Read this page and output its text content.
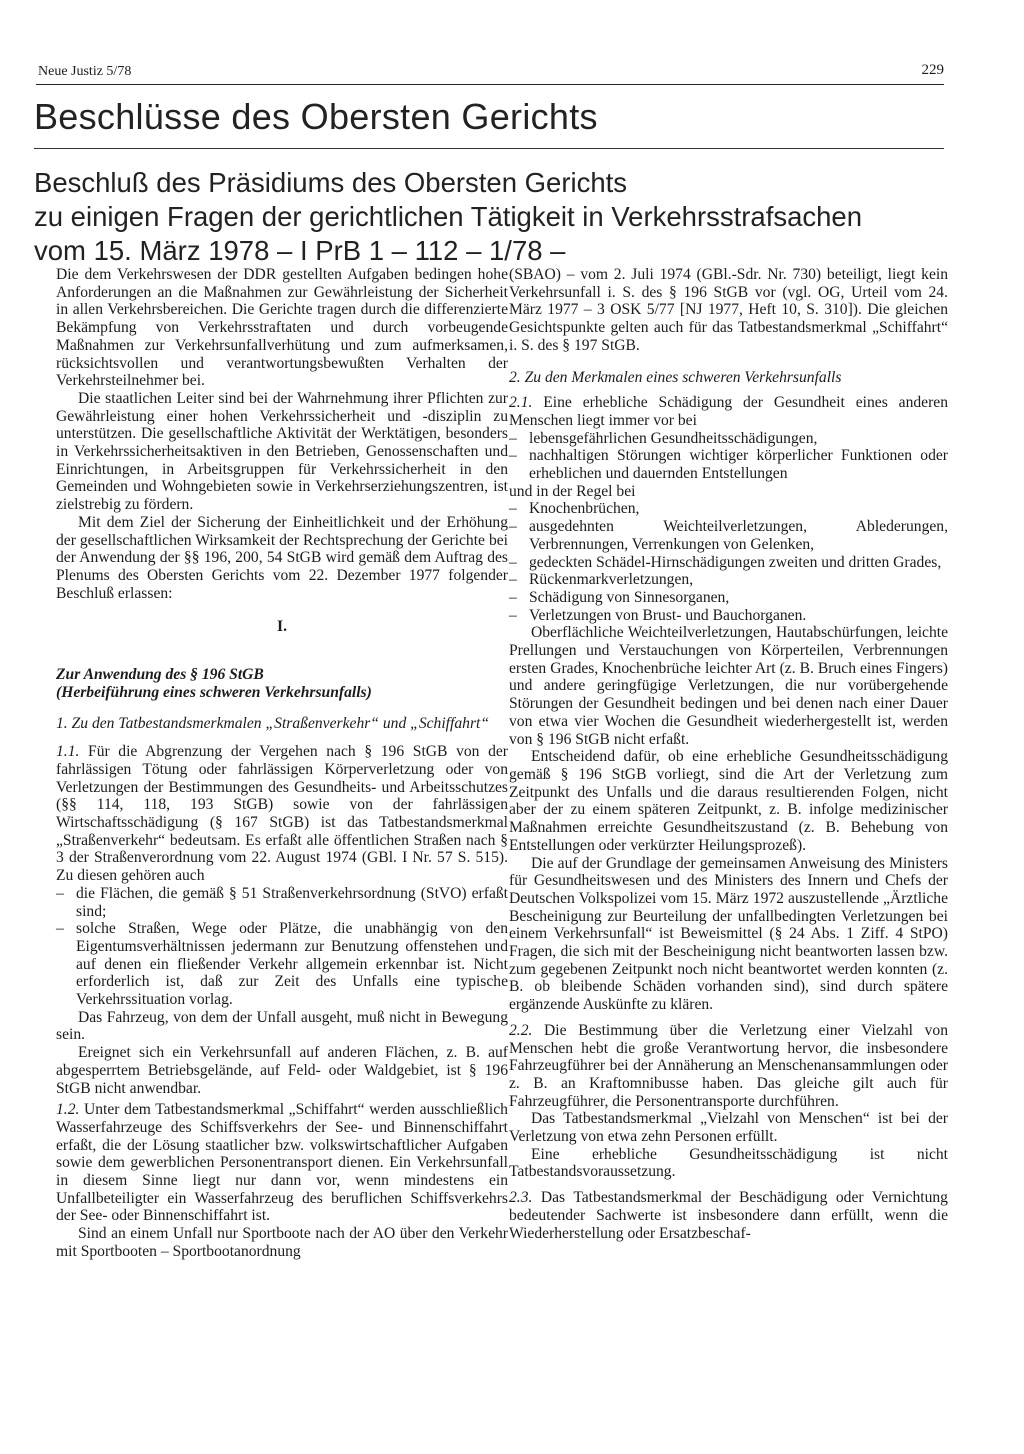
Neue Justiz 5/78	229
Beschlüsse des Obersten Gerichts
Beschluß des Präsidiums des Obersten Gerichts
zu einigen Fragen der gerichtlichen Tätigkeit in Verkehrsstrafsachen
vom 15. März 1978 – I PrB 1 – 112 – 1/78 –

Die dem Verkehrswesen der DDR gestellten Aufgaben bedingen hohe Anforderungen an die Maßnahmen zur Gewährleistung der Sicherheit in allen Verkehrsbereichen. Die Gerichte tragen durch die differenzierte Bekämpfung von Verkehrsstraftaten und durch vorbeugende Maßnahmen zur Verkehrsunfallverhütung und zum aufmerksamen, rücksichtsvollen und verantwortungsbewußten Verhalten der Verkehrsteilnehmer bei.

Die staatlichen Leiter sind bei der Wahrnehmung ihrer Pflichten zur Gewährleistung einer hohen Verkehrssicherheit und -disziplin zu unterstützen. Die gesellschaftliche Aktivität der Werktätigen, besonders in Verkehrssicherheitsaktiven in den Betrieben, Genossenschaften und Einrichtungen, in Arbeitsgruppen für Verkehrssicherheit in den Gemeinden und Wohngebieten sowie in Verkehrserziehungszentren, ist zielstrebig zu fördern.

Mit dem Ziel der Sicherung der Einheitlichkeit und der Erhöhung der gesellschaftlichen Wirksamkeit der Rechtsprechung der Gerichte bei der Anwendung der §§ 196, 200, 54 StGB wird gemäß dem Auftrag des Plenums des Obersten Gerichts vom 22. Dezember 1977 folgender Beschluß erlassen:

I.

Zur Anwendung des § 196 StGB

(Herbeiführung eines schweren Verkehrsunfalls)

1. Zu den Tatbestandsmerkmalen „Straßenverkehr“ und „Schiffahrt“

1.1. Für die Abgrenzung der Vergehen nach § 196 StGB von der fahrlässigen Tötung oder fahrlässigen Körperverletzung oder von Verletzungen der Bestimmungen des Gesundheits- und Arbeitsschutzes (§§ 114, 118, 193 StGB) sowie von der fahrlässigen Wirtschaftsschädigung (§ 167 StGB) ist das Tatbestandsmerkmal „Straßenverkehr“ bedeutsam. Es erfaßt alle öffentlichen Straßen nach § 3 der Straßenverordnung vom 22. August 1974 (GBl. I Nr. 57 S. 515). Zu diesen gehören auch

– die Flächen, die gemäß § 51 Straßenverkehrsordnung (StVO) erfaßt sind;
– solche Straßen, Wege oder Plätze, die unabhängig von den Eigentumsverhältnissen jedermann zur Benutzung offenstehen und auf denen ein fließender Verkehr allgemein erkennbar ist. Nicht erforderlich ist, daß zur Zeit des Unfalls eine typische Verkehrssituation vorlag.

Das Fahrzeug, von dem der Unfall ausgeht, muß nicht in Bewegung sein.

Ereignet sich ein Verkehrsunfall auf anderen Flächen, z. B. auf abgesperrtem Betriebsgelände, auf Feld- oder Waldgebiet, ist § 196 StGB nicht anwendbar.

1.2. Unter dem Tatbestandsmerkmal „Schiffahrt“ werden ausschließlich Wasserfahrzeuge des Schiffsverkehrs der See- und Binnenschiffahrt erfaßt, die der Lösung staatlicher bzw. volkswirtschaftlicher Aufgaben sowie dem gewerblichen Personentransport dienen. Ein Verkehrsunfall in diesem Sinne liegt nur dann vor, wenn mindestens ein Unfallbeteiligter ein Wasserfahrzeug des beruflichen Schiffsverkehrs der See- oder Binnenschiffahrt ist.

Sind an einem Unfall nur Sportboote nach der AO über den Verkehr mit Sportbooten – Sportbootanordnung

(SBAO) – vom 2. Juli 1974 (GBl.-Sdr. Nr. 730) beteiligt, liegt kein Verkehrsunfall i. S. des § 196 StGB vor (vgl. OG, Urteil vom 24. März 1977 – 3 OSK 5/77 [NJ 1977, Heft 10, S. 310]). Die gleichen Gesichtspunkte gelten auch für das Tatbestandsmerkmal „Schiffahrt“ i. S. des § 197 StGB.

2. Zu den Merkmalen eines schweren Verkehrsunfalls

2.1. Eine erhebliche Schädigung der Gesundheit eines anderen Menschen liegt immer vor bei

– lebensgefährlichen Gesundheitsschädigungen,
– nachhaltigen Störungen wichtiger körperlicher Funktionen oder erheblichen und dauernden Entstellungen

und in der Regel bei

– Knochenbrüchen,
– ausgedehnten Weichteilverletzungen, Ablederungen, Verbrennungen, Verrenkungen von Gelenken,
– gedeckten Schädel-Hirnschädigungen zweiten und dritten Grades,
– Rückenmarkverletzungen,
– Schädigung von Sinnesorganen,
– Verletzungen von Brust- und Bauchorganen.

Oberflächliche Weichteilverletzungen, Hautabschürfungen, leichte Prellungen und Verstauchungen von Körperteilen, Verbrennungen ersten Grades, Knochenbrüche leichter Art (z. B. Bruch eines Fingers) und andere geringfügige Verletzungen, die nur vorübergehende Störungen der Gesundheit bedingen und bei denen nach einer Dauer von etwa vier Wochen die Gesundheit wiederhergestellt ist, werden von § 196 StGB nicht erfaßt.

Entscheidend dafür, ob eine erhebliche Gesundheitsschädigung gemäß § 196 StGB vorliegt, sind die Art der Verletzung zum Zeitpunkt des Unfalls und die daraus resultierenden Folgen, nicht aber der zu einem späteren Zeitpunkt, z. B. infolge medizinischer Maßnahmen erreichte Gesundheitszustand (z. B. Behebung von Entstellungen oder verkürzter Heilungsprozeß).

Die auf der Grundlage der gemeinsamen Anweisung des Ministers für Gesundheitswesen und des Ministers des Innern und Chefs der Deutschen Volkspolizei vom 15. März 1972 auszustellende „Ärztliche Bescheinigung zur Beurteilung der unfallbedingten Verletzungen bei einem Verkehrsunfall“ ist Beweismittel (§ 24 Abs. 1 Ziff. 4 StPO) Fragen, die sich mit der Bescheinigung nicht beantworten lassen bzw. zum gegebenen Zeitpunkt noch nicht beantwortet werden konnten (z. B. ob bleibende Schäden vorhanden sind), sind durch spätere ergänzende Auskünfte zu klären.

2.2. Die Bestimmung über die Verletzung einer Vielzahl von Menschen hebt die große Verantwortung hervor, die insbesondere Fahrzeugführer bei der Annäherung an Menschenansammlungen oder z. B. an Kraftomnibusse haben. Das gleiche gilt auch für Fahrzeugführer, die Personentransporte durchführen.

Das Tatbestandsmerkmal „Vielzahl von Menschen“ ist bei der Verletzung von etwa zehn Personen erfüllt.

Eine erhebliche Gesundheitsschädigung ist nicht Tatbestandsvoraussetzung.

2.3. Das Tatbestandsmerkmal der Beschädigung oder Vernichtung bedeutender Sachwerte ist insbesondere dann erfüllt, wenn die Wiederherstellung oder Ersatzbeschaf-
